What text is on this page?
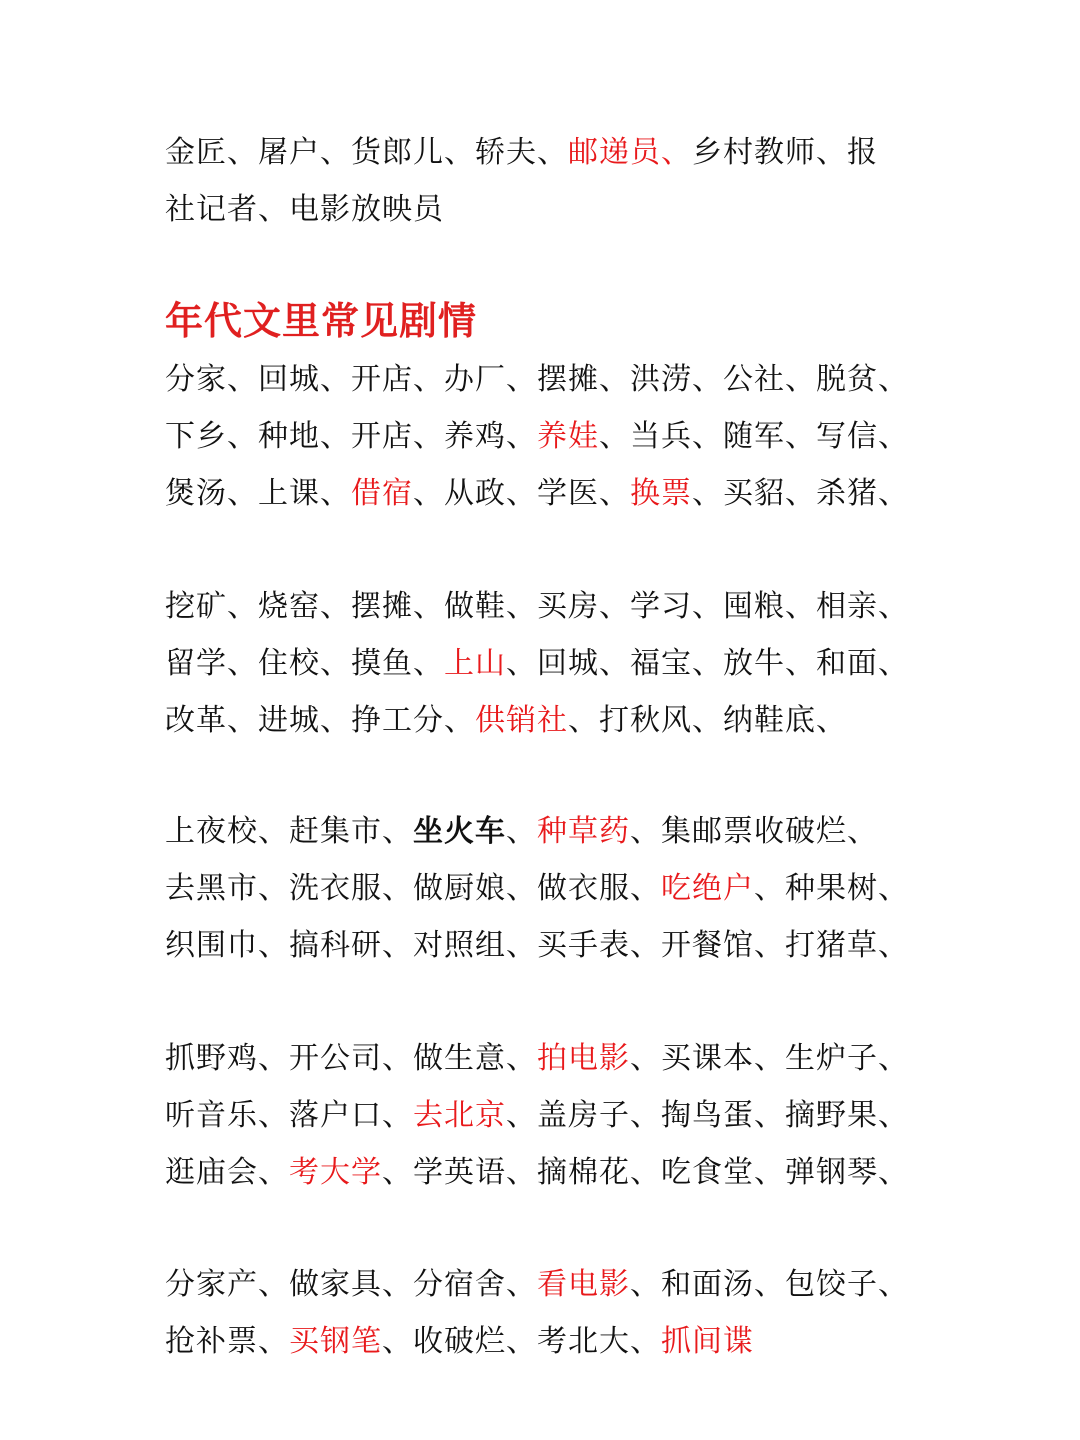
金匠、屠户、货郎儿、轿夫、邮递员、乡村教师、报
社记者、电影放映员
年代文里常见剧情
分家、回城、开店、办厂、摆摊、洪涝、公社、脱贫、
下乡、种地、开店、养鸡、养娃、当兵、随军、写信、
煲汤、上课、借宿、从政、学医、换票、买貂、杀猪、
挖矿、烧窑、摆摊、做鞋、买房、学习、囤粮、相亲、
留学、住校、摸鱼、上山、回城、福宝、放牛、和面、
改革、进城、挣工分、供销社、打秋风、纳鞋底、
上夜校、赶集市、坐火车、种草药、集邮票收破烂、
去黑市、洗衣服、做厨娘、做衣服、吃绝户、种果树、
织围巾、搞科研、对照组、买手表、开餐馆、打猪草、
抓野鸡、开公司、做生意、拍电影、买课本、生炉子、
听音乐、落户口、去北京、盖房子、掏鸟蛋、摘野果、
逛庙会、考大学、学英语、摘棉花、吃食堂、弹钢琴、
分家产、做家具、分宿舍、看电影、和面汤、包饺子、
抢补票、买钢笔、收破烂、考北大、抓间谍
